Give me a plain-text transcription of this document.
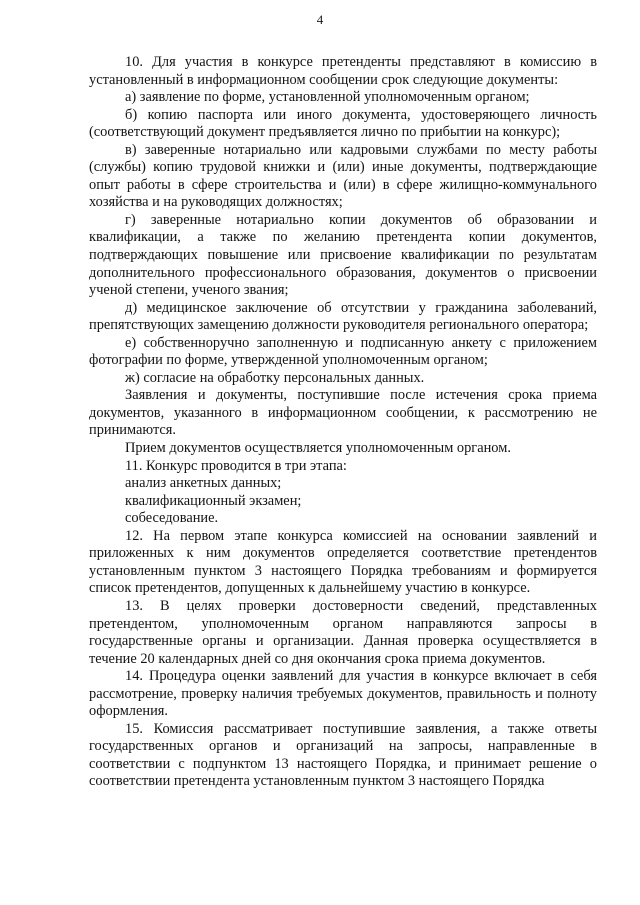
4

10. Для участия в конкурсе претенденты представляют в комиссию в установленный в информационном сообщении срок следующие документы:

а) заявление по форме, установленной уполномоченным органом;

б) копию паспорта или иного документа, удостоверяющего личность (соответствующий документ предъявляется лично по прибытии на конкурс);

в) заверенные нотариально или кадровыми службами по месту работы (службы) копию трудовой книжки и (или) иные документы, подтверждающие опыт работы в сфере строительства и (или) в сфере жилищно-коммунального хозяйства и на руководящих должностях;

г) заверенные нотариально копии документов об образовании и квалификации, а также по желанию претендента копии документов, подтверждающих повышение или присвоение квалификации по результатам дополнительного профессионального образования, документов о присвоении ученой степени, ученого звания;

д) медицинское заключение об отсутствии у гражданина заболеваний, препятствующих замещению должности руководителя регионального оператора;

е) собственноручно заполненную и подписанную анкету с приложением фотографии по форме, утвержденной уполномоченным органом;

ж) согласие на обработку персональных данных.

Заявления и документы, поступившие после истечения срока приема документов, указанного в информационном сообщении, к рассмотрению не принимаются.

Прием документов осуществляется уполномоченным органом.

11. Конкурс проводится в три этапа:

анализ анкетных данных;

квалификационный экзамен;

собеседование.

12. На первом этапе конкурса комиссией на основании заявлений и приложенных к ним документов определяется соответствие претендентов установленным пунктом 3 настоящего Порядка требованиям и формируется список претендентов, допущенных к дальнейшему участию в конкурсе.

13. В целях проверки достоверности сведений, представленных претендентом, уполномоченным органом направляются запросы в государственные органы и организации. Данная проверка осуществляется в течение 20 календарных дней со дня окончания срока приема документов.

14. Процедура оценки заявлений для участия в конкурсе включает в себя рассмотрение, проверку наличия требуемых документов, правильность и полноту оформления.

15. Комиссия рассматривает поступившие заявления, а также ответы государственных органов и организаций на запросы, направленные в соответствии с подпунктом 13 настоящего Порядка, и принимает решение о соответствии претендента установленным пунктом 3 настоящего Порядка
